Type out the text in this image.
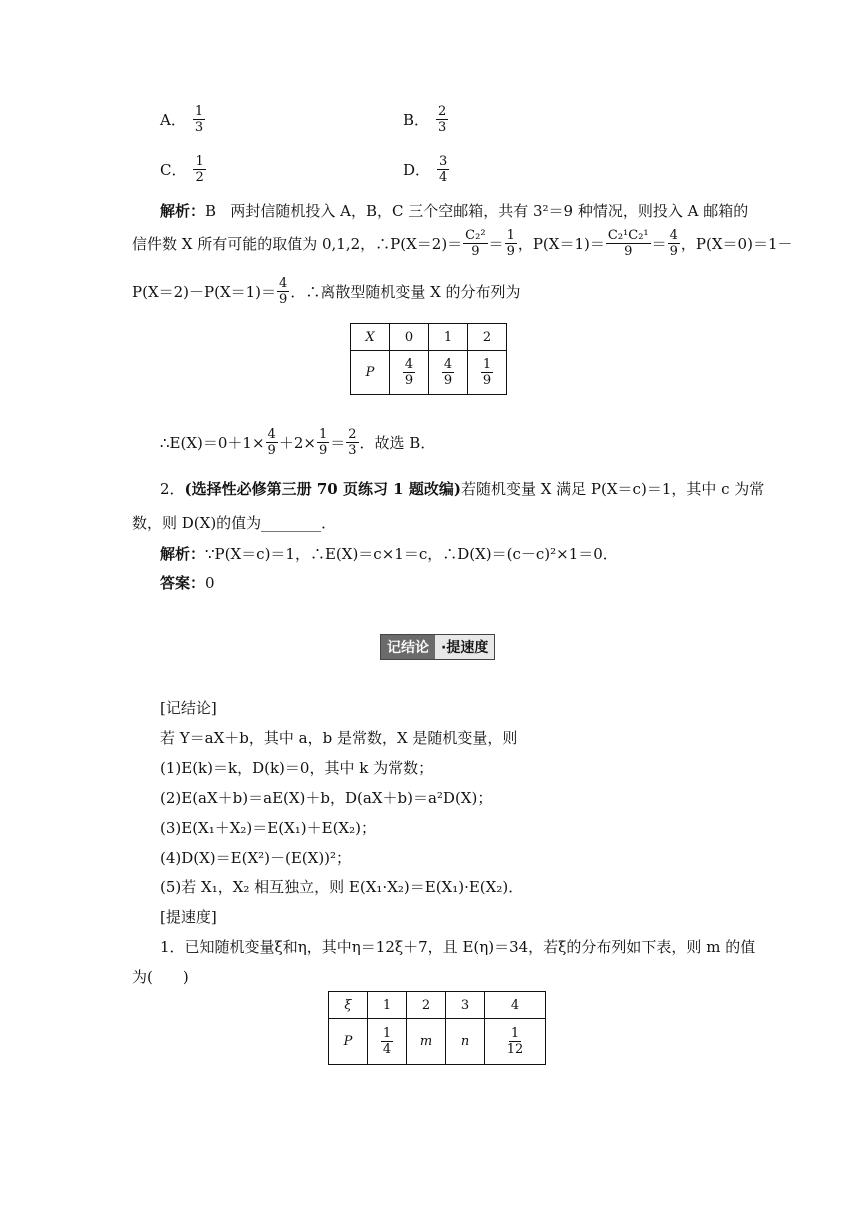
A． $\frac{1}{3}$	B． $\frac{2}{3}$
C． $\frac{1}{2}$	D． $\frac{3}{4}$
解析：B 两封信随机投入 A，B，C 三个空邮箱，共有 3²＝9 种情况，则投入 A 邮箱的
信件数 X 所有可能的取值为 0,1,2，∴P(X＝2)＝ $\frac{\text{C₂²}}{9} = \frac{1}{9}$ ，$P(X=1)= \frac{\text{C₂¹C₂¹}}{9} = \frac{4}{9}$ ，P(X＝0)＝1－
$P(X=2)-P(X=1)= \frac{4}{9}$ ．∴离散型随机变量 X 的分布列为
X	0	1	2
P	$\frac{4}{9}$	$\frac{4}{9}$	$\frac{1}{9}$
∴E(X)＝0＋1× $\frac{4}{9} +2\times \frac{1}{9} = \frac{2}{3}$ ．故选 B．
2．(选择性必修第三册 70 页练习 1 题改编)若随机变量 X 满足 P(X＝c)＝1，其中 c 为常
数，则 D(X)的值为________．
解析：∵P(X＝c)＝1，∴E(X)＝c×1＝c，∴D(X)＝(c－c)²×1＝0．
答案：0
记结论 ·提速度
[记结论]
若 Y＝aX＋b，其中 a，b 是常数，X 是随机变量，则
(1)E(k)＝k，D(k)＝0，其中 k 为常数；
(2)E(aX＋b)＝aE(X)＋b，D(aX＋b)＝a²D(X)；
(3)E(X₁＋X₂)＝E(X₁)＋E(X₂)；
(4)D(X)＝E(X²)－(E(X))²；
(5)若 X₁，X₂ 相互独立，则 E(X₁·X₂)＝E(X₁)·E(X₂)．
[提速度]
1．已知随机变量ξ和η，其中η＝12ξ＋7，且 E(η)＝34，若ξ的分布列如下表，则 m 的值
为(　　)
ξ	1	2	3	4
P	$\frac{1}{4}$	m	n	$\frac{1}{12}$
